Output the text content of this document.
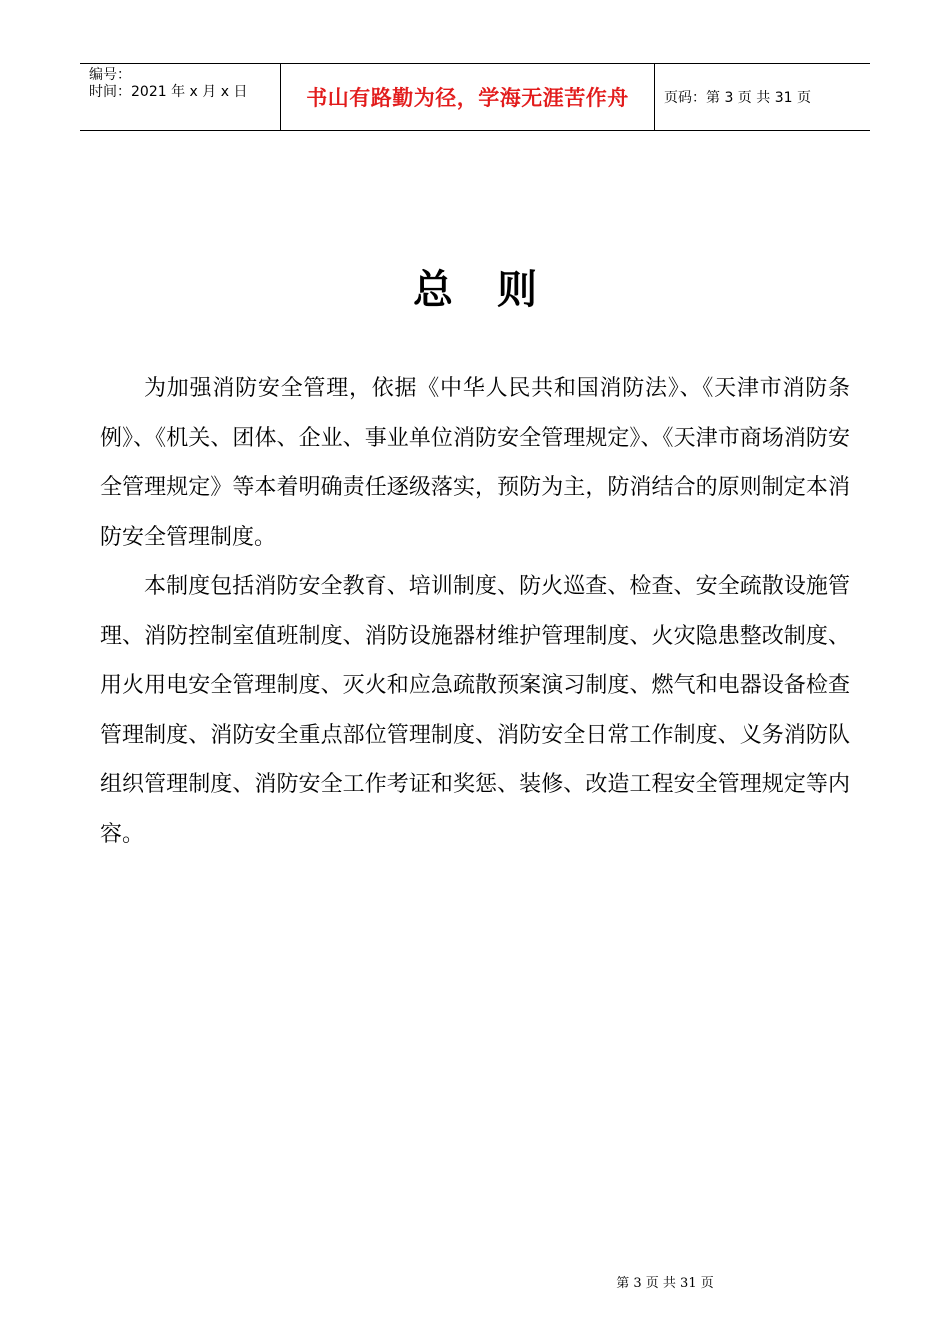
编号：
时间：2021 年 x 月 x 日	书山有路勤为径，学海无涯苦作舟	页码：第 3 页 共 31 页
总则

为加强消防安全管理，依据《中华人民共和国消防法》、《天津市消防条例》、《机关、团体、企业、事业单位消防安全管理规定》、《天津市商场消防安全管理规定》等本着明确责任逐级落实，预防为主，防消结合的原则制定本消防安全管理制度。

本制度包括消防安全教育、培训制度、防火巡查、检查、安全疏散设施管理、消防控制室值班制度、消防设施器材维护管理制度、火灾隐患整改制度、用火用电安全管理制度、灭火和应急疏散预案演习制度、燃气和电器设备检查管理制度、消防安全重点部位管理制度、消防安全日常工作制度、义务消防队组织管理制度、消防安全工作考证和奖惩、装修、改造工程安全管理规定等内容。

第 3 页 共 31 页
